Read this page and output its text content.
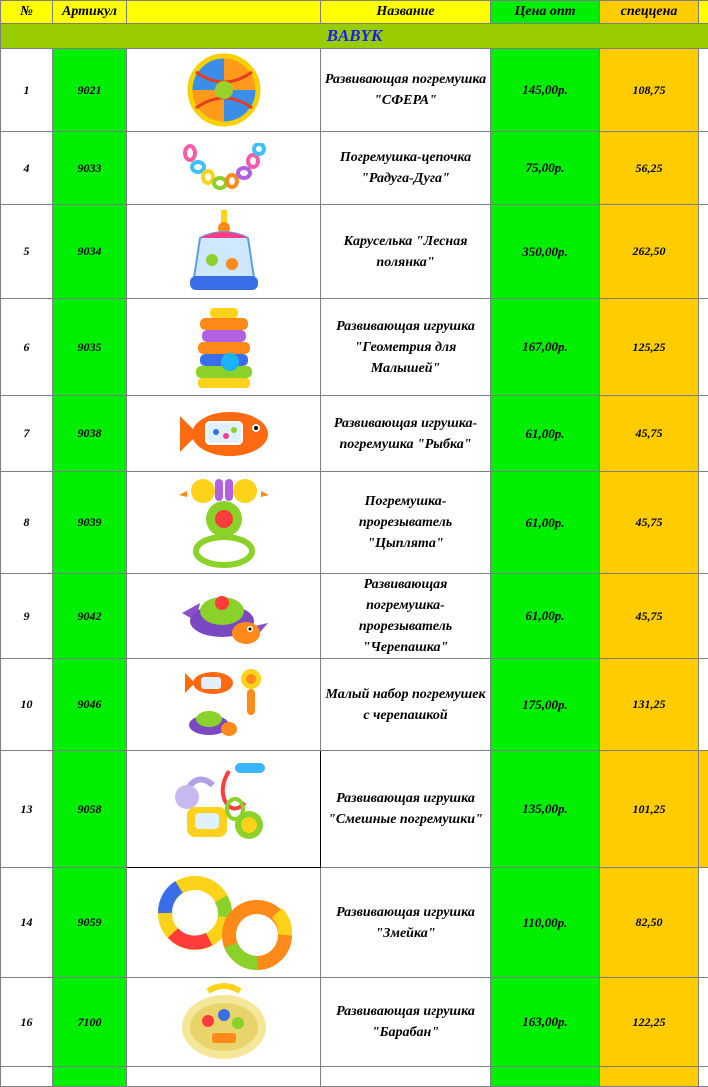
№	Артикул		Название	Цена опт	спеццена	
BABYK						
1	9021		Развивающая погремушка "СФЕРА"	145,00р.	108,75	
4	9033		Погремушка-цепочка "Радуга-Дуга"	75,00р.	56,25	
5	9034		Каруселька "Лесная полянка"	350,00р.	262,50	
6	9035		Развивающая игрушка "Геометрия для Малышей"	167,00р.	125,25	
7	9038		Развивающая игрушка-погремушка "Рыбка"	61,00р.	45,75	
8	9039		Погремушка-прорезыватель "Цыплята"	61,00р.	45,75	
9	9042		Развивающая погремушка-прорезыватель "Черепашка"	61,00р.	45,75	
10	9046		Малый набор погремушек с черепашкой	175,00р.	131,25	
13	9058		Развивающая игрушка "Смешные погремушки"	135,00р.	101,25	
14	9059		Развивающая игрушка "Змейка"	110,00р.	82,50	
16	7100		Развивающая игрушка "Барабан"	163,00р.	122,25	
